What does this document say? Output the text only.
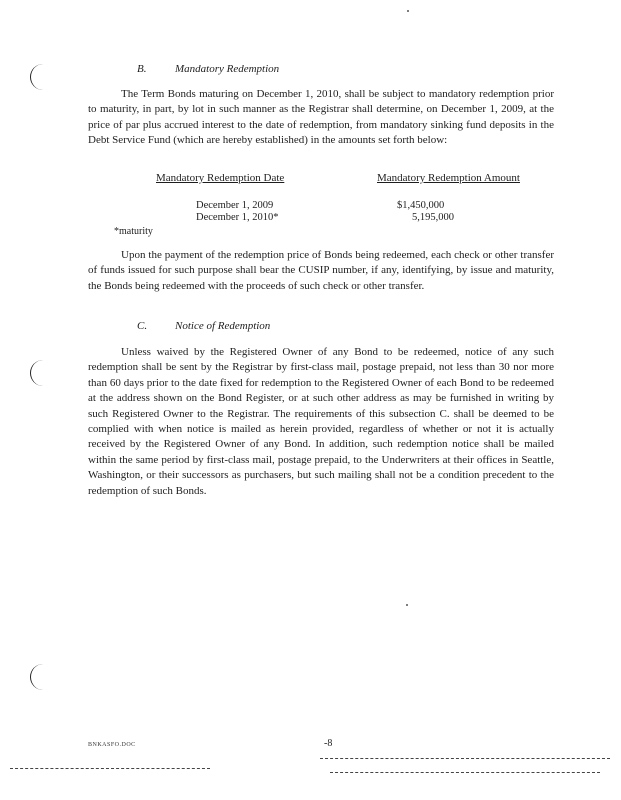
B.	Mandatory Redemption

The Term Bonds maturing on December 1, 2010, shall be subject to mandatory redemption prior to maturity, in part, by lot in such manner as the Registrar shall determine, on December 1, 2009, at the price of par plus accrued interest to the date of redemption, from mandatory sinking fund deposits in the Debt Service Fund (which are hereby established) in the amounts set forth below:

Mandatory Redemption Date	Mandatory Redemption Amount
December 1, 2009	$1,450,000
December 1, 2010*	5,195,000
*maturity

Upon the payment of the redemption price of Bonds being redeemed, each check or other transfer of funds issued for such purpose shall bear the CUSIP number, if any, identifying, by issue and maturity, the Bonds being redeemed with the proceeds of such check or other transfer.

C.	Notice of Redemption

Unless waived by the Registered Owner of any Bond to be redeemed, notice of any such redemption shall be sent by the Registrar by first-class mail, postage prepaid, not less than 30 nor more than 60 days prior to the date fixed for redemption to the Registered Owner of each Bond to be redeemed at the address shown on the Bond Register, or at such other address as may be furnished in writing by such Registered Owner to the Registrar. The requirements of this subsection C. shall be deemed to be complied with when notice is mailed as herein provided, regardless of whether or not it is actually received by the Registered Owner of any Bond. In addition, such redemption notice shall be mailed within the same period by first-class mail, postage prepaid, to the Underwriters at their offices in Seattle, Washington, or their successors as purchasers, but such mailing shall not be a condition precedent to the redemption of such Bonds.

BNKASFO.DOC	-8
